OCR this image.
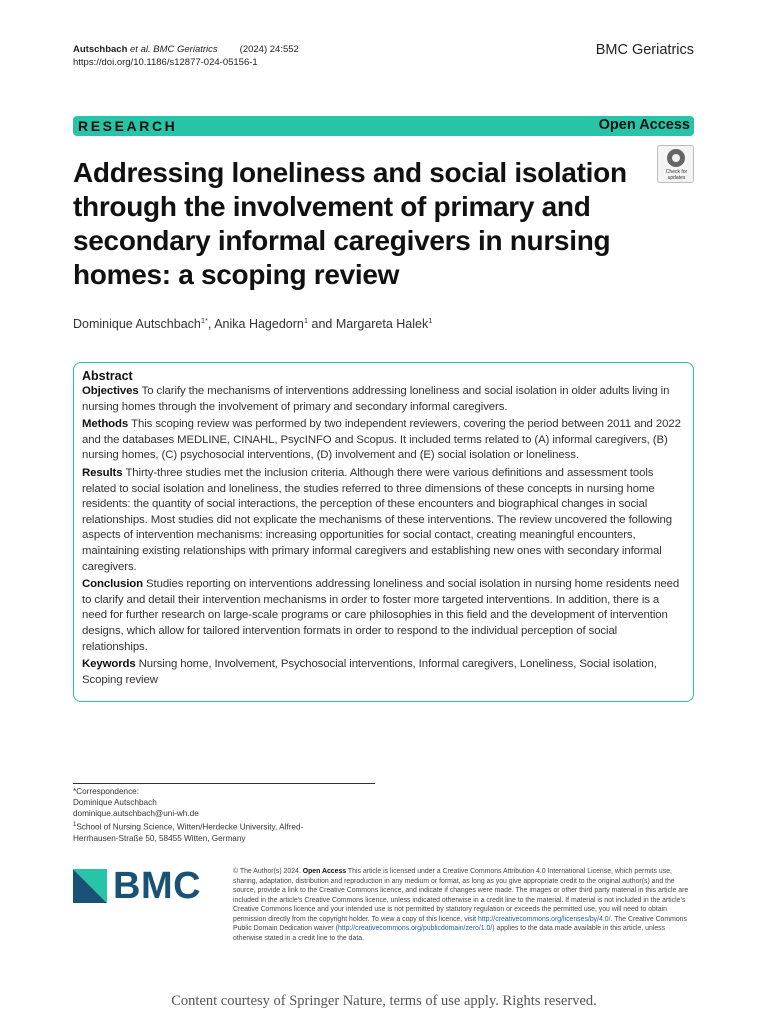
Autschbach et al. BMC Geriatrics (2024) 24:552
https://doi.org/10.1186/s12877-024-05156-1
BMC Geriatrics
RESEARCH	Open Access
Addressing loneliness and social isolation through the involvement of primary and secondary informal caregivers in nursing homes: a scoping review
Check for
updates
Dominique Autschbach$^{1*}$, Anika Hagedorn$^1$ and Margareta Halek$^1$
Abstract

Objectives To clarify the mechanisms of interventions addressing loneliness and social isolation in older adults living in nursing homes through the involvement of primary and secondary informal caregivers.

Methods This scoping review was performed by two independent reviewers, covering the period between 2011 and 2022 and the databases MEDLINE, CINAHL, PsycINFO and Scopus. It included terms related to (A) informal caregivers, (B) nursing homes, (C) psychosocial interventions, (D) involvement and (E) social isolation or loneliness.

Results Thirty-three studies met the inclusion criteria. Although there were various definitions and assessment tools related to social isolation and loneliness, the studies referred to three dimensions of these concepts in nursing home residents: the quantity of social interactions, the perception of these encounters and biographical changes in social relationships. Most studies did not explicate the mechanisms of these interventions. The review uncovered the following aspects of intervention mechanisms: increasing opportunities for social contact, creating meaningful encounters, maintaining existing relationships with primary informal caregivers and establishing new ones with secondary informal caregivers.

Conclusion Studies reporting on interventions addressing loneliness and social isolation in nursing home residents need to clarify and detail their intervention mechanisms in order to foster more targeted interventions. In addition, there is a need for further research on large-scale programs or care philosophies in this field and the development of intervention designs, which allow for tailored intervention formats in order to respond to the individual perception of social relationships.

Keywords Nursing home, Involvement, Psychosocial interventions, Informal caregivers, Loneliness, Social isolation, Scoping review

*Correspondence:
Dominique Autschbach
dominique.autschbach@uni-wh.de
$^1$School of Nursing Science, Witten/Herdecke University, Alfred-
Herrhausen-Straße 50, 58455 Witten, Germany
BMC	© The Author(s) 2024. Open Access This article is licensed under a Creative Commons Attribution 4.0 International License, which permits use, sharing, adaptation, distribution and reproduction in any medium or format, as long as you give appropriate credit to the original author(s) and the source, provide a link to the Creative Commons licence, and indicate if changes were made. The images or other third party material in this article are included in the article's Creative Commons licence, unless indicated otherwise in a credit line to the material. If material is not included in the article's Creative Commons licence and your intended use is not permitted by statutory regulation or exceeds the permitted use, you will need to obtain permission directly from the copyright holder. To view a copy of this licence, visit http://creativecommons.org/licenses/by/4.0/. The Creative Commons Public Domain Dedication waiver (http://creativecommons.org/publicdomain/zero/1.0/) applies to the data made available in this article, unless otherwise stated in a credit line to the data.
Content courtesy of Springer Nature, terms of use apply. Rights reserved.
